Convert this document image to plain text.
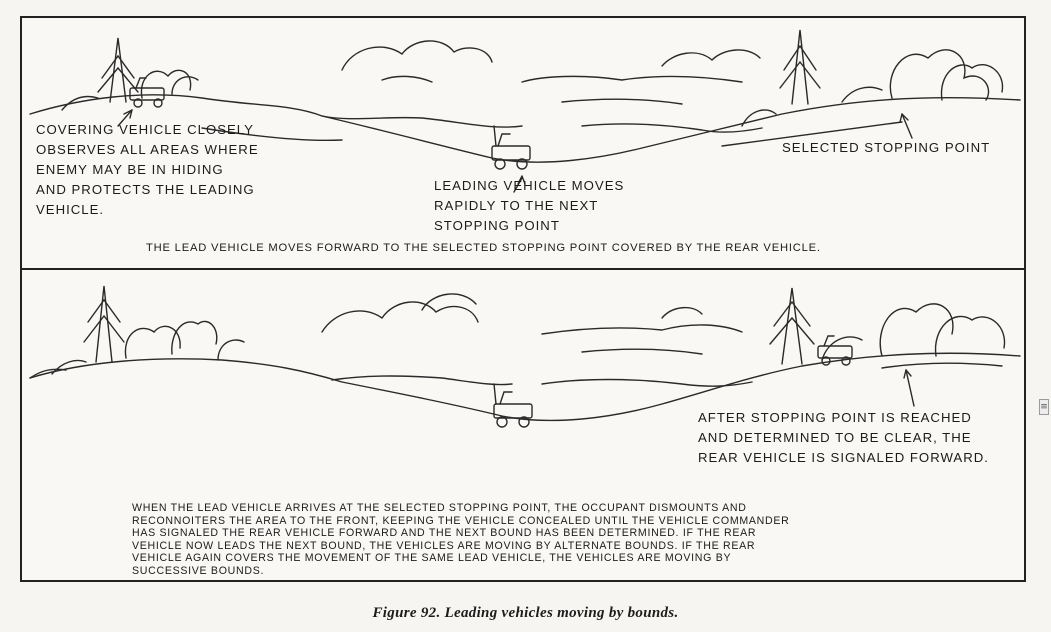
COVERING VEHICLE CLOSELY
OBSERVES ALL AREAS WHERE
ENEMY MAY BE IN HIDING
AND PROTECTS THE LEADING
VEHICLE.
LEADING VEHICLE MOVES
RAPIDLY TO THE NEXT
STOPPING POINT
SELECTED STOPPING POINT
THE LEAD VEHICLE MOVES FORWARD TO THE SELECTED STOPPING POINT COVERED BY THE REAR VEHICLE.
AFTER STOPPING POINT IS REACHED
AND DETERMINED TO BE CLEAR, THE
REAR VEHICLE IS SIGNALED FORWARD.
WHEN THE LEAD VEHICLE ARRIVES AT THE SELECTED STOPPING POINT, THE OCCUPANT DISMOUNTS AND
RECONNOITERS THE AREA TO THE FRONT, KEEPING THE VEHICLE CONCEALED UNTIL THE VEHICLE COMMANDER
HAS SIGNALED THE REAR VEHICLE FORWARD AND THE NEXT BOUND HAS BEEN DETERMINED. IF THE REAR
VEHICLE NOW LEADS THE NEXT BOUND, THE VEHICLES ARE MOVING BY ALTERNATE BOUNDS. IF THE REAR
VEHICLE AGAIN COVERS THE MOVEMENT OF THE SAME LEAD VEHICLE, THE VEHICLES ARE MOVING BY
SUCCESSIVE BOUNDS.
Figure 92. Leading vehicles moving by bounds.
≡
